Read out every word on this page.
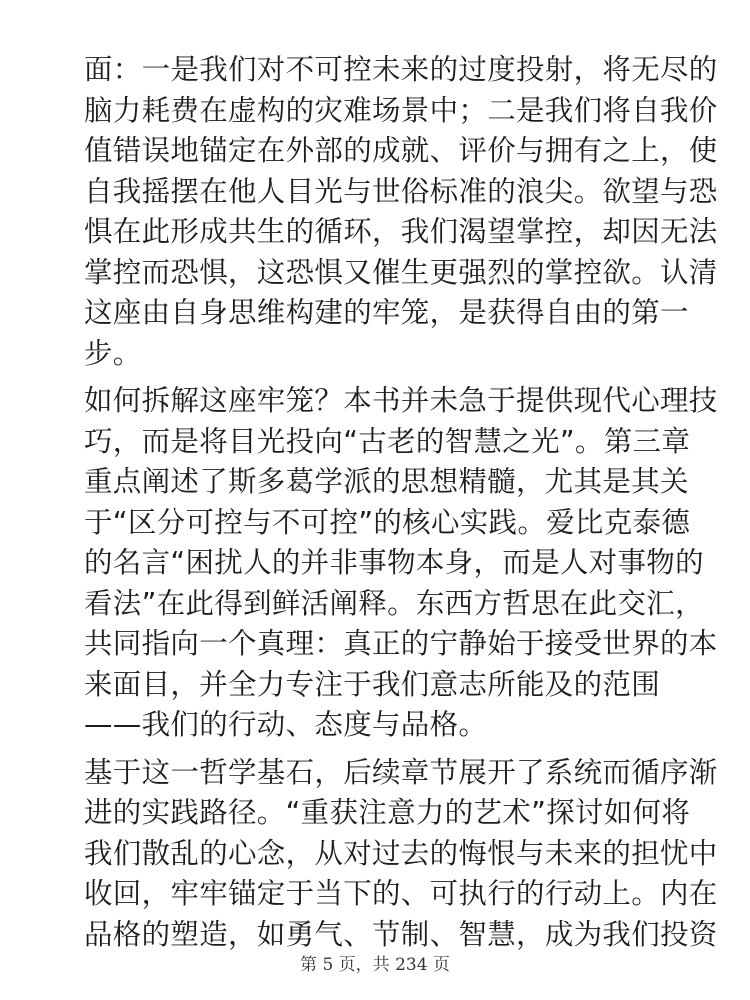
面：一是我们对不可控未来的过度投射，将无尽的
脑力耗费在虚构的灾难场景中；二是我们将自我价
值错误地锚定在外部的成就、评价与拥有之上，使
自我摇摆在他人目光与世俗标准的浪尖。欲望与恐
惧在此形成共生的循环，我们渴望掌控，却因无法
掌控而恐惧，这恐惧又催生更强烈的掌控欲。认清
这座由自身思维构建的牢笼，是获得自由的第一
步。
如何拆解这座牢笼？本书并未急于提供现代心理技
巧，而是将目光投向“古老的智慧之光”。第三章
重点阐述了斯多葛学派的思想精髓，尤其是其关
于“区分可控与不可控”的核心实践。爱比克泰德
的名言“困扰人的并非事物本身，而是人对事物的
看法”在此得到鲜活阐释。东西方哲思在此交汇，
共同指向一个真理：真正的宁静始于接受世界的本
来面目，并全力专注于我们意志所能及的范围
——我们的行动、态度与品格。
基于这一哲学基石，后续章节展开了系统而循序渐
进的实践路径。“重获注意力的艺术”探讨如何将
我们散乱的心念，从对过去的悔恨与未来的担忧中
收回，牢牢锚定于当下的、可执行的行动上。内在
品格的塑造，如勇气、节制、智慧，成为我们投资
第 5 页，共 234 页
